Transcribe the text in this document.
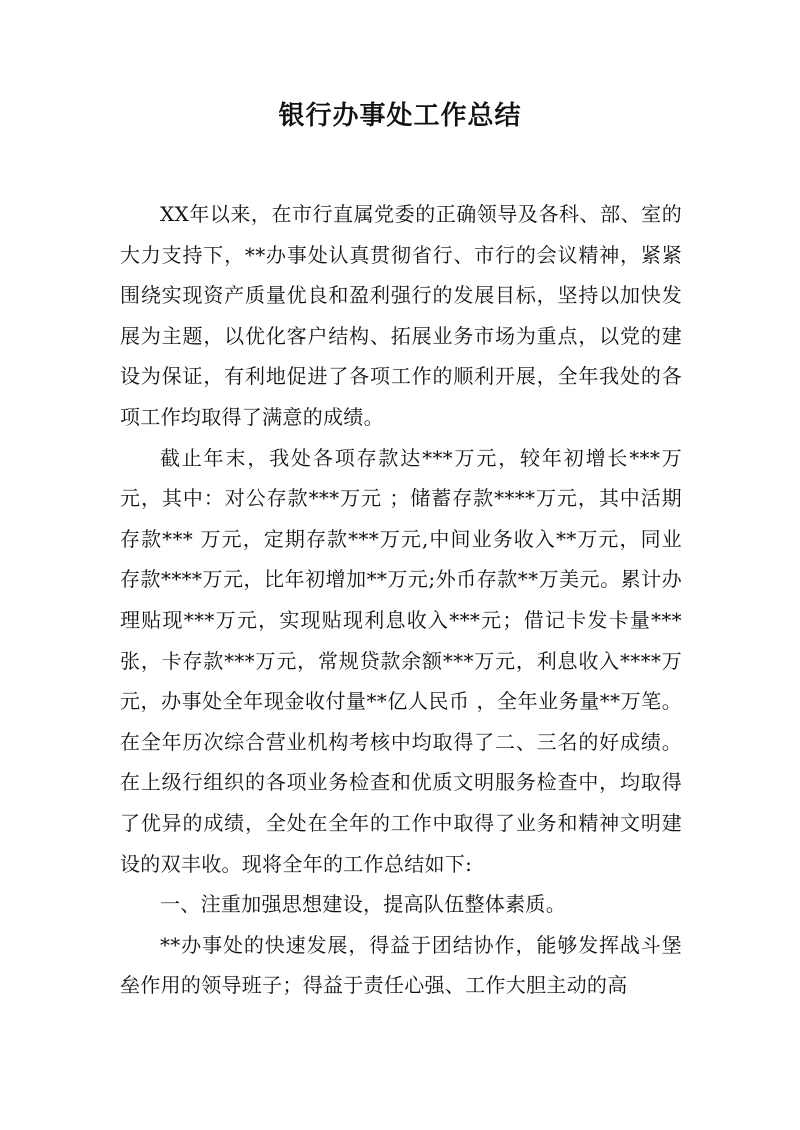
银行办事处工作总结

XX年以来，在市行直属党委的正确领导及各科、部、室的大力支持下，**办事处认真贯彻省行、市行的会议精神，紧紧围绕实现资产质量优良和盈利强行的发展目标，坚持以加快发展为主题，以优化客户结构、拓展业务市场为重点，以党的建设为保证，有利地促进了各项工作的顺利开展，全年我处的各项工作均取得了满意的成绩。

截止年末，我处各项存款达***万元，较年初增长***万元，其中：对公存款***万元 ；储蓄存款****万元，其中活期存款*** 万元，定期存款***万元,中间业务收入**万元，同业存款****万元，比年初增加**万元;外币存款**万美元。累计办理贴现***万元，实现贴现利息收入***元；借记卡发卡量*** 张，卡存款***万元，常规贷款余额***万元，利息收入****万元，办事处全年现金收付量**亿人民币 ，全年业务量**万笔。在全年历次综合营业机构考核中均取得了二、三名的好成绩。在上级行组织的各项业务检查和优质文明服务检查中，均取得了优异的成绩，全处在全年的工作中取得了业务和精神文明建设的双丰收。现将全年的工作总结如下:

一、注重加强思想建设，提高队伍整体素质。

**办事处的快速发展，得益于团结协作，能够发挥战斗堡垒作用的领导班子；得益于责任心强、工作大胆主动的高
